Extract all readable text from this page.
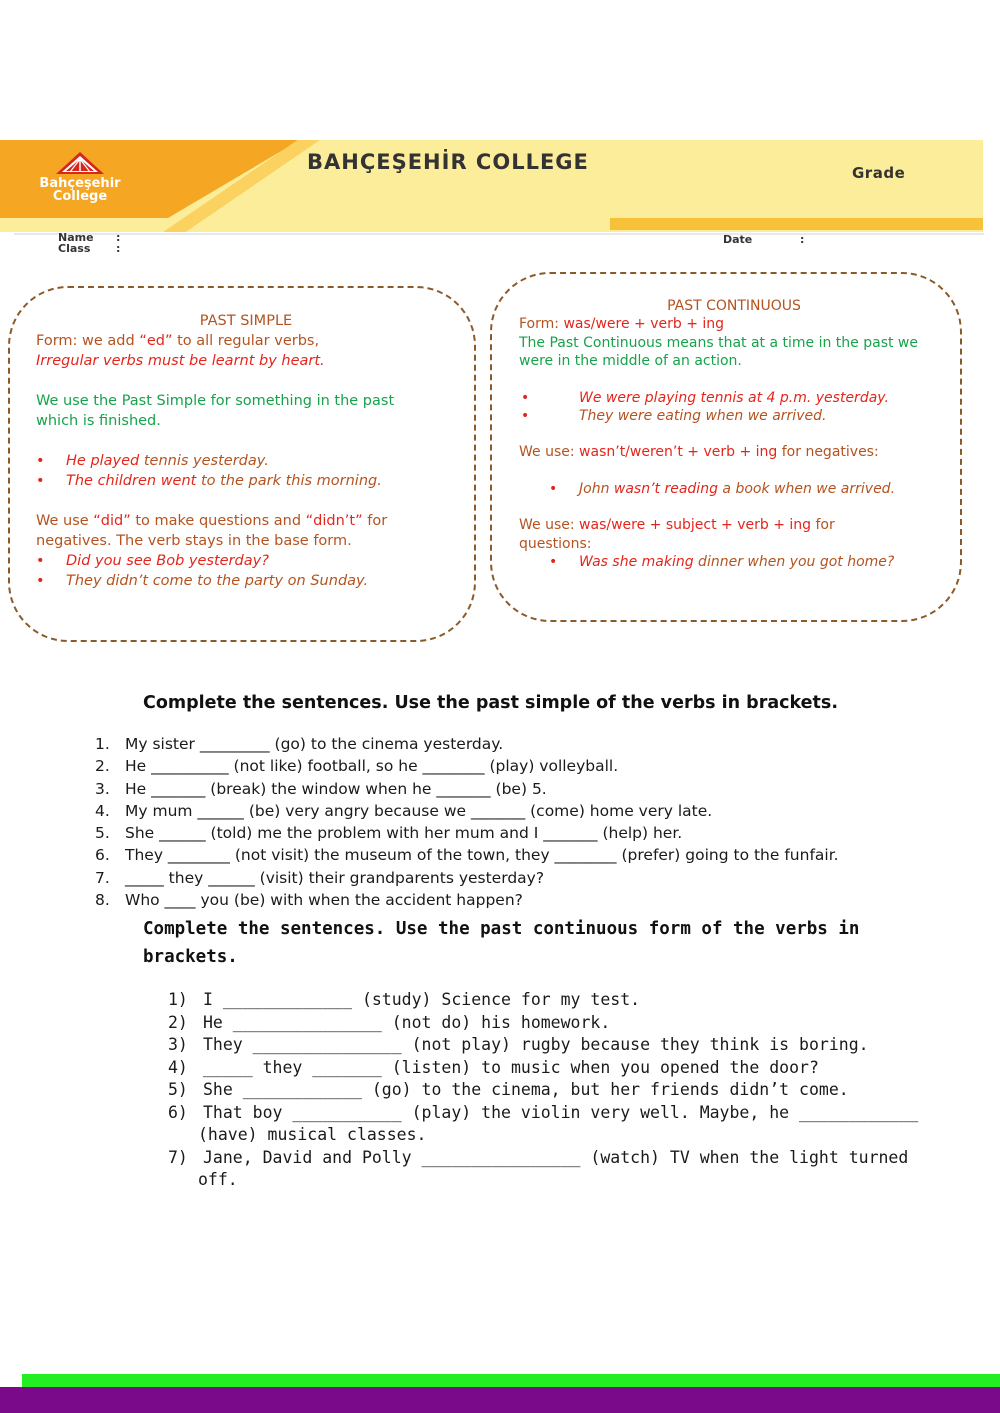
Bahçeşehir College
BAHÇEŞEHİR COLLEGE	Grade
Name :
Class :
Date	:
PAST SIMPLE
Form: we add “ed” to all regular verbs,
Irregular verbs must be learnt by heart.
We use the Past Simple for something in the past
which is finished.
• He played tennis yesterday.
• The children went to the park this morning.
We use “did” to make questions and “didn’t” for
negatives. The verb stays in the base form.
• Did you see Bob yesterday?
• They didn’t come to the party on Sunday.
PAST CONTINUOUS
Form: was/were + verb + ing
The Past Continuous means that at a time in the past we
were in the middle of an action.
• We were playing tennis at 4 p.m. yesterday.
• They were eating when we arrived.
We use: wasn’t/weren’t + verb + ing for negatives:
• John wasn’t reading a book when we arrived.
We use: was/were + subject + verb + ing for
questions:
• Was she making dinner when you got home?
Complete the sentences. Use the past simple of the verbs in brackets.
1. My sister _________ (go) to the cinema yesterday.
2. He __________ (not like) football, so he ________ (play) volleyball.
3. He _______ (break) the window when he _______ (be) 5.
4. My mum ______ (be) very angry because we _______ (come) home very late.
5. She ______ (told) me the problem with her mum and I _______ (help) her.
6. They ________ (not visit) the museum of the town, they ________ (prefer) going to the funfair.
7. _____ they ______ (visit) their grandparents yesterday?
8. Who ____ you (be) with when the accident happen?
Complete the sentences. Use the past continuous form of the verbs in
brackets.
1) I _____________ (study) Science for my test.
2) He _______________ (not do) his homework.
3) They _______________ (not play) rugby because they think is boring.
4) _____ they _______ (listen) to music when you opened the door?
5) She ____________ (go) to the cinema, but her friends didn’t come.
6) That boy ___________ (play) the violin very well. Maybe, he ____________ (have) musical classes.
7) Jane, David and Polly ________________ (watch) TV when the light turned off.
